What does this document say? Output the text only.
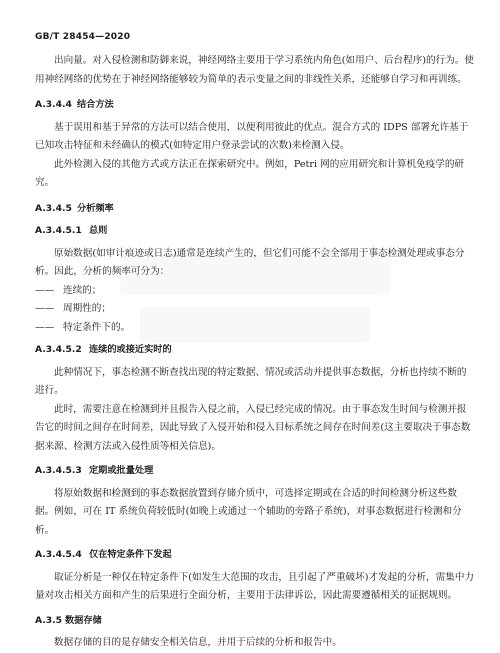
GB/T 28454—2020

出向量。对入侵检测和防御来说，神经网络主要用于学习系统内角色(如用户、后台程序)的行为。使用神经网络的优势在于神经网络能够较为简单的表示变量之间的非线性关系，还能够自学习和再训练。

A.3.4.4 结合方法

基于误用和基于异常的方法可以结合使用，以便利用彼此的优点。混合方式的 IDPS 部署允许基于已知攻击特征和未经确认的模式(如特定用户登录尝试的次数)来检测入侵。

此外检测入侵的其他方式或方法正在探索研究中。例如，Petri 网的应用研究和计算机免疫学的研究。

A.3.4.5 分析频率

A.3.4.5.1 总则

原始数据(如审计痕迹或日志)通常是连续产生的，但它们可能不会全部用于事态检测处理或事态分析。因此，分析的频率可分为：

—— 连续的；

—— 周期性的；

—— 特定条件下的。

A.3.4.5.2 连续的或接近实时的

此种情况下，事态检测不断查找出现的特定数据、情况或活动并提供事态数据，分析也持续不断的进行。

此时，需要注意在检测到并且报告入侵之前，入侵已经完成的情况。由于事态发生时间与检测并报告它的时间之间存在时间差，因此导致了入侵开始和侵入目标系统之间存在时间差(这主要取决于事态数据来源、检测方法或入侵性质等相关信息)。

A.3.4.5.3 定期或批量处理

将原始数据和检测到的事态数据放置到存储介质中，可选择定期或在合适的时间检测分析这些数据。例如，可在 IT 系统负荷较低时(如晚上或通过一个辅助的旁路子系统)，对事态数据进行检测和分析。

A.3.4.5.4 仅在特定条件下发起

取证分析是一种仅在特定条件下(如发生大范围的攻击，且引起了严重破坏)才发起的分析，需集中力量对攻击相关方面和产生的后果进行全面分析，主要用于法律诉讼，因此需要遵循相关的证据规则。

A.3.5 数据存储

数据存储的目的是存储安全相关信息，并用于后续的分析和报告中。
